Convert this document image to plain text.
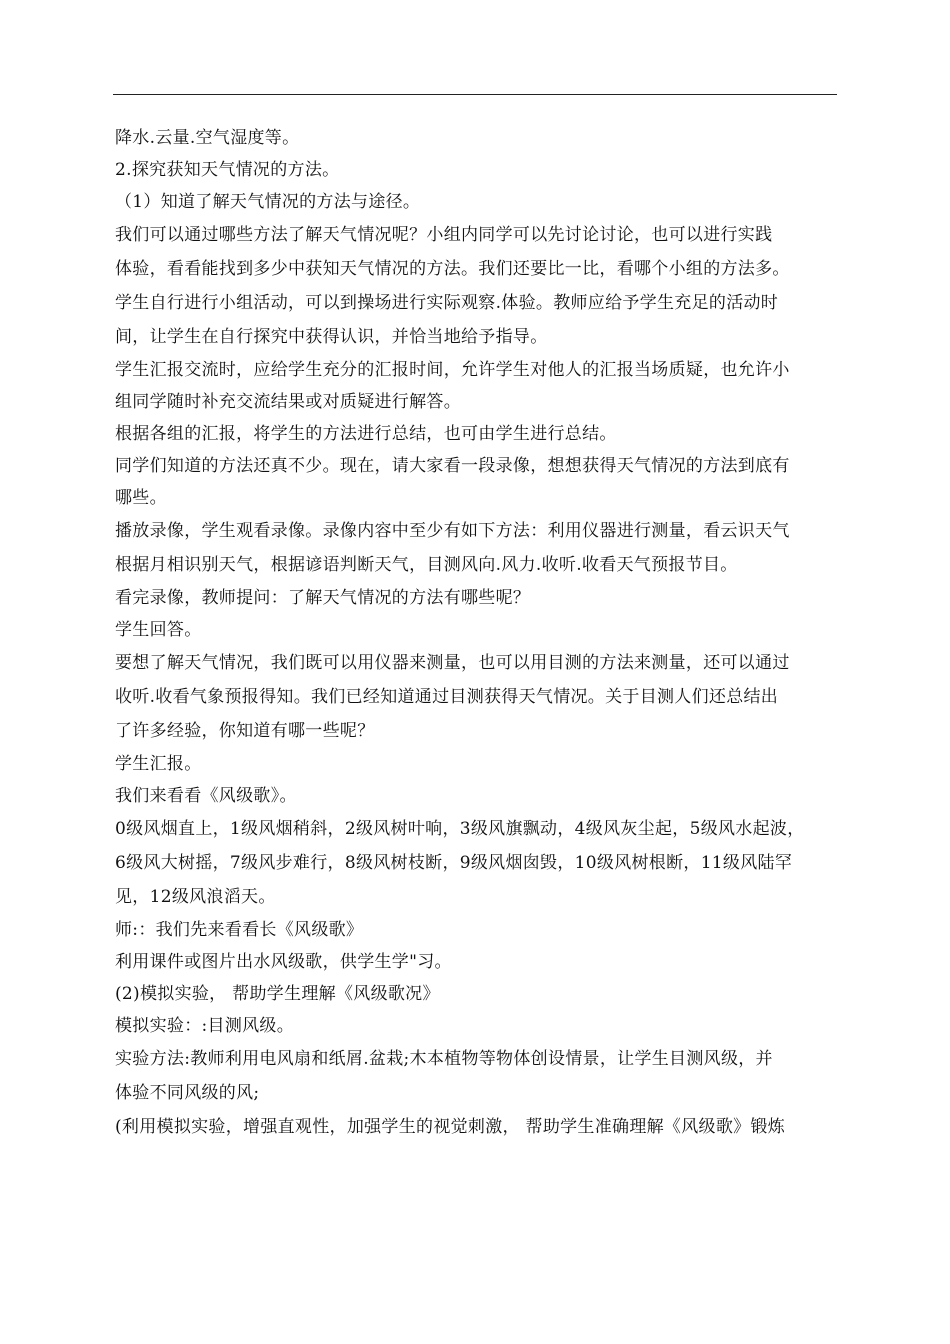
降水.云量.空气湿度等。
2.探究获知天气情况的方法。
（1）知道了解天气情况的方法与途径。
我们可以通过哪些方法了解天气情况呢？小组内同学可以先讨论讨论，也可以进行实践
体验，看看能找到多少中获知天气情况的方法。我们还要比一比，看哪个小组的方法多。
学生自行进行小组活动，可以到操场进行实际观察.体验。教师应给予学生充足的活动时
间，让学生在自行探究中获得认识，并恰当地给予指导。
学生汇报交流时，应给学生充分的汇报时间，允许学生对他人的汇报当场质疑，也允许小
组同学随时补充交流结果或对质疑进行解答。
根据各组的汇报，将学生的方法进行总结，也可由学生进行总结。
同学们知道的方法还真不少。现在，请大家看一段录像，想想获得天气情况的方法到底有
哪些。
播放录像，学生观看录像。录像内容中至少有如下方法：利用仪器进行测量，看云识天气
根据月相识别天气，根据谚语判断天气，目测风向.风力.收听.收看天气预报节目。
看完录像，教师提问：了解天气情况的方法有哪些呢？
学生回答。
要想了解天气情况，我们既可以用仪器来测量，也可以用目测的方法来测量，还可以通过
收听.收看气象预报得知。我们已经知道通过目测获得天气情况。关于目测人们还总结出
了许多经验，你知道有哪一些呢？
学生汇报。
我们来看看《风级歌》。
0级风烟直上，1级风烟稍斜，2级风树叶响，3级风旗飘动，4级风灰尘起，5级风水起波，
6级风大树摇，7级风步难行，8级风树枝断，9级风烟囱毁，10级风树根断，11级风陆罕
见，12级风浪滔天。
师:：我们先来看看长《风级歌》
利用课件或图片出水风级歌，供学生学"习。
(2)模拟实验， 帮助学生理解《风级歌况》
模拟实验：:目测风级。
实验方法:教师利用电风扇和纸屑.盆栽;木本植物等物体创设情景，让学生目测风级，并
体验不同风级的风;
(利用模拟实验，增强直观性，加强学生的视觉刺激， 帮助学生准确理解《风级歌》锻炼
